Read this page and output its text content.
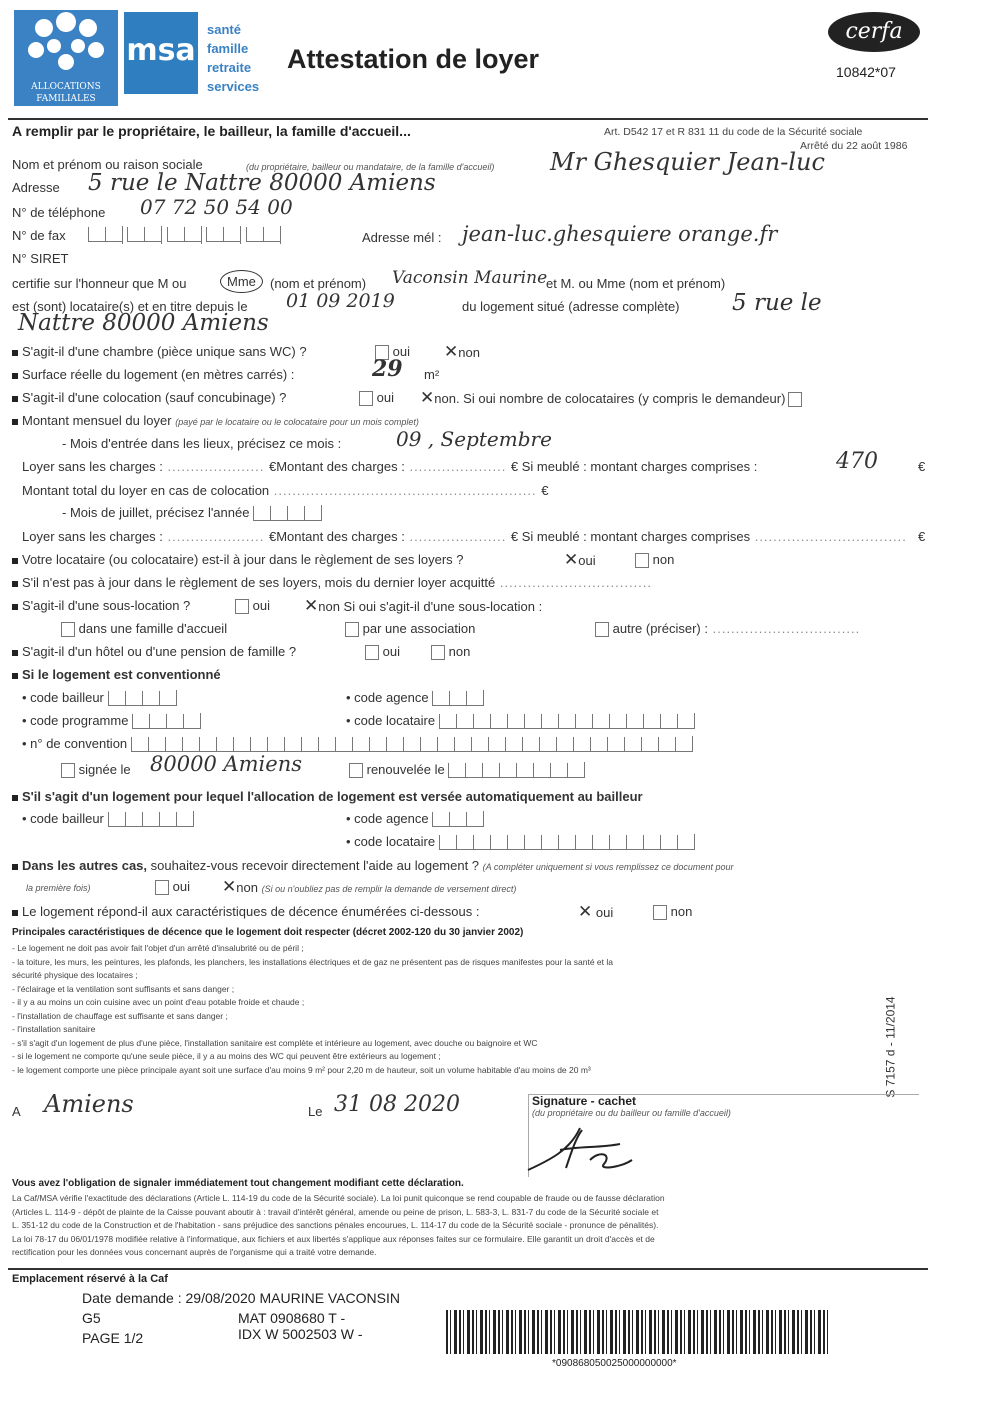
ALLOCATIONS
FAMILIALES
msa
santé
famille
retraite
services
Attestation de loyer
cerfa
10842*07
A remplir par le propriétaire, le bailleur, la famille d'accueil...	Art. D542 17 et R 831 11 du code de la Sécurité sociale
Arrêté du 22 août 1986
Nom et prénom ou raison sociale	(du propriétaire, bailleur ou mandataire, de la famille d'accueil) Mr Ghesquier Jean-luc
Adresse 5 rue le Nattre 80000 Amiens
N° de téléphone 07 72 50 54 00
N° de fax
	Adresse mél : jean-luc.ghesquiere orange.fr
N° SIRET
certifie sur l'honneur que M ou	Mme	(nom et prénom) Vaconsin Maurine
et M. ou Mme (nom et prénom)
est (sont) locataire(s) et en titre depuis le 01 09 2019	du logement situé (adresse complète) 5 rue le
Nattre 80000 Amiens
S'agit-il d'une chambre (pièce unique sans WC) ?	oui ✕non
Surface réelle du logement (en mètres carrés) :	29 m²
S'agit-il d'une colocation (sauf concubinage) ?	oui ✕non. Si oui nombre de colocataires (y compris le demandeur)
Montant mensuel du loyer (payé par le locataire ou le colocataire pour un mois complet)
- Mois d'entrée dans les lieux, précisez ce mois :	09 , Septembre
Loyer sans les charges : ..................... €Montant des charges : ..................... € Si meublé : montant charges comprises :	470	€
Montant total du loyer en cas de colocation ......................................................... €
- Mois de juillet, précisez l'année
Loyer sans les charges : ..................... €Montant des charges : ..................... € Si meublé : montant charges comprises ................................. €
Votre locataire (ou colocataire) est-il à jour dans le règlement de ses loyers ?	✕oui	non
S'il n'est pas à jour dans le règlement de ses loyers, mois du dernier loyer acquitté .................................
S'agit-il d'une sous-location ?	oui ✕non Si oui s'agit-il d'une sous-location :
dans une famille d'accueil	par une association	autre (préciser) : ................................
S'agit-il d'un hôtel ou d'une pension de famille ?	oui	non
Si le logement est conventionné
• code bailleur	• code agence
• code programme	• code locataire
• n° de convention
signée le 80000 Amiens	renouvelée le
S'il s'agit d'un logement pour lequel l'allocation de logement est versée automatiquement au bailleur
• code bailleur	• code agence
• code locataire
Dans les autres cas, souhaitez-vous recevoir directement l'aide au logement ? (A compléter uniquement si vous remplissez ce document pour
la première fois)	oui ✕non (Si ou n'oubliez pas de remplir la demande de versement direct)
Le logement répond-il aux caractéristiques de décence énumérées ci-dessous :	✕ oui	non
Principales caractéristiques de décence que le logement doit respecter (décret 2002-120 du 30 janvier 2002)
- Le logement ne doit pas avoir fait l'objet d'un arrêté d'insalubrité ou de péril ;
- la toiture, les murs, les peintures, les plafonds, les planchers, les installations électriques et de gaz ne présentent pas de risques manifestes pour la santé et la
sécurité physique des locataires ;
- l'éclairage et la ventilation sont suffisants et sans danger ;
- il y a au moins un coin cuisine avec un point d'eau potable froide et chaude ;
- l'installation de chauffage est suffisante et sans danger ;
- l'installation sanitaire
- s'il s'agit d'un logement de plus d'une pièce, l'installation sanitaire est complète et intérieure au logement, avec douche ou baignoire et WC
- si le logement ne comporte qu'une seule pièce, il y a au moins des WC qui peuvent être extérieurs au logement ;
- le logement comporte une pièce principale ayant soit une surface d'au moins 9 m² pour 2,20 m de hauteur, soit un volume habitable d'au moins de 20 m³	S 7157 d - 11/2014
A Amiens	Le 31 08 2020	Signature - cachet
(du propriétaire ou du bailleur ou famille d'accueil)
Vous avez l'obligation de signaler immédiatement tout changement modifiant cette déclaration.
La Caf/MSA vérifie l'exactitude des déclarations (Article L. 114-19 du code de la Sécurité sociale). La loi punit quiconque se rend coupable de fraude ou de fausse déclaration
(Articles L. 114-9 - dépôt de plainte de la Caisse pouvant aboutir à : travail d'intérêt général, amende ou peine de prison, L. 583-3, L. 831-7 du code de la Sécurité sociale et
L. 351-12 du code de la Construction et de l'habitation - sans préjudice des sanctions pénales encourues, L. 114-17 du code de la Sécurité sociale - pronunce de pénalités).
La loi 78-17 du 06/01/1978 modifiée relative à l'informatique, aux fichiers et aux libertés s'applique aux réponses faites sur ce formulaire. Elle garantit un droit d'accès et de
rectification pour les données vous concernant auprès de l'organisme qui a traité votre demande.
Emplacement réservé à la Caf
Date demande : 29/08/2020 MAURINE VACONSIN
G5	MAT 0908680 T -
PAGE 1/2	IDX W 5002503 W -
*090868050025000000000*
